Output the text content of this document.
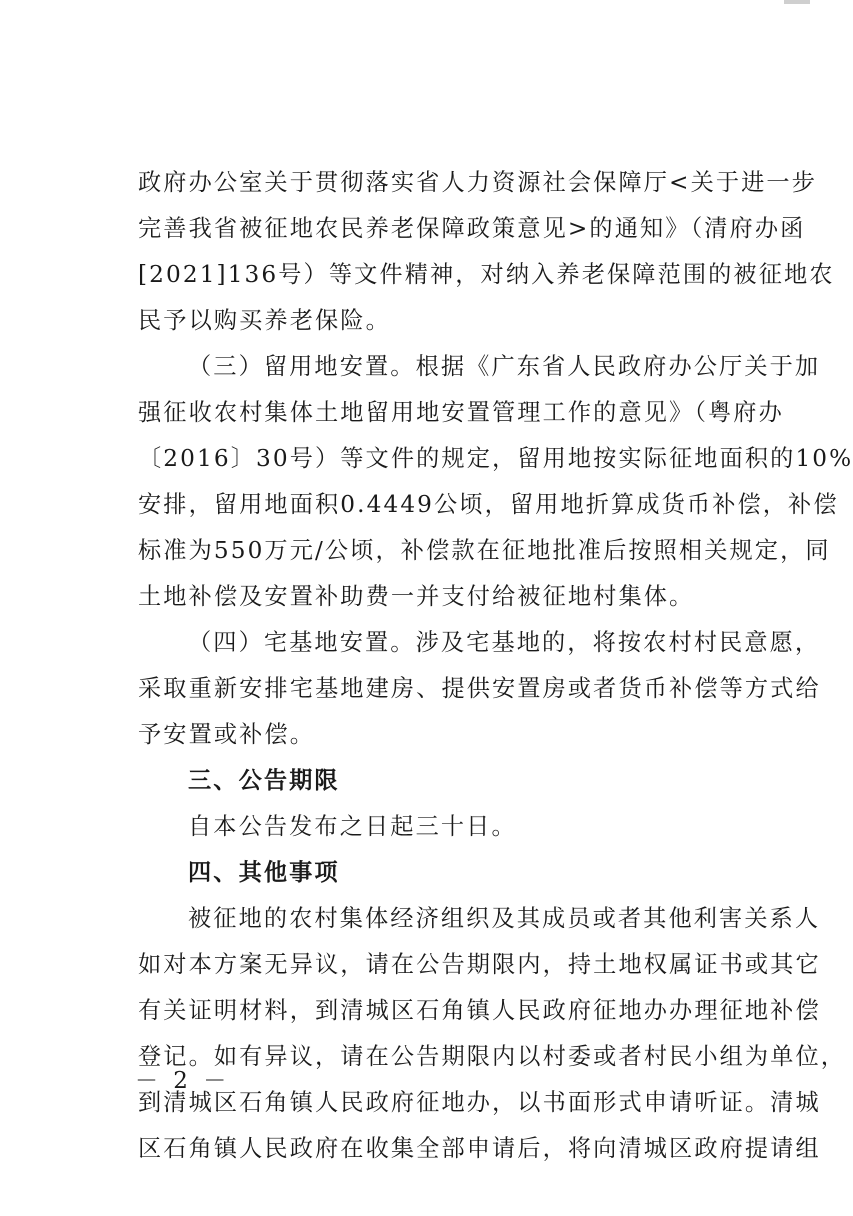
政府办公室关于贯彻落实省人力资源社会保障厅<关于进一步
完善我省被征地农民养老保障政策意见>的通知》（清府办函
[2021]136号）等文件精神，对纳入养老保障范围的被征地农
民予以购买养老保险。
（三）留用地安置。根据《广东省人民政府办公厅关于加
强征收农村集体土地留用地安置管理工作的意见》（粤府办
〔2016〕30号）等文件的规定，留用地按实际征地面积的10%
安排，留用地面积0.4449公顷，留用地折算成货币补偿，补偿
标准为550万元/公顷，补偿款在征地批准后按照相关规定，同
土地补偿及安置补助费一并支付给被征地村集体。
（四）宅基地安置。涉及宅基地的，将按农村村民意愿，
采取重新安排宅基地建房、提供安置房或者货币补偿等方式给
予安置或补偿。
三、公告期限
自本公告发布之日起三十日。
四、其他事项
被征地的农村集体经济组织及其成员或者其他利害关系人
如对本方案无异议，请在公告期限内，持土地权属证书或其它
有关证明材料，到清城区石角镇人民政府征地办办理征地补偿
登记。如有异议，请在公告期限内以村委或者村民小组为单位，
到清城区石角镇人民政府征地办，以书面形式申请听证。清城
区石角镇人民政府在收集全部申请后，将向清城区政府提请组
－ 2 －
